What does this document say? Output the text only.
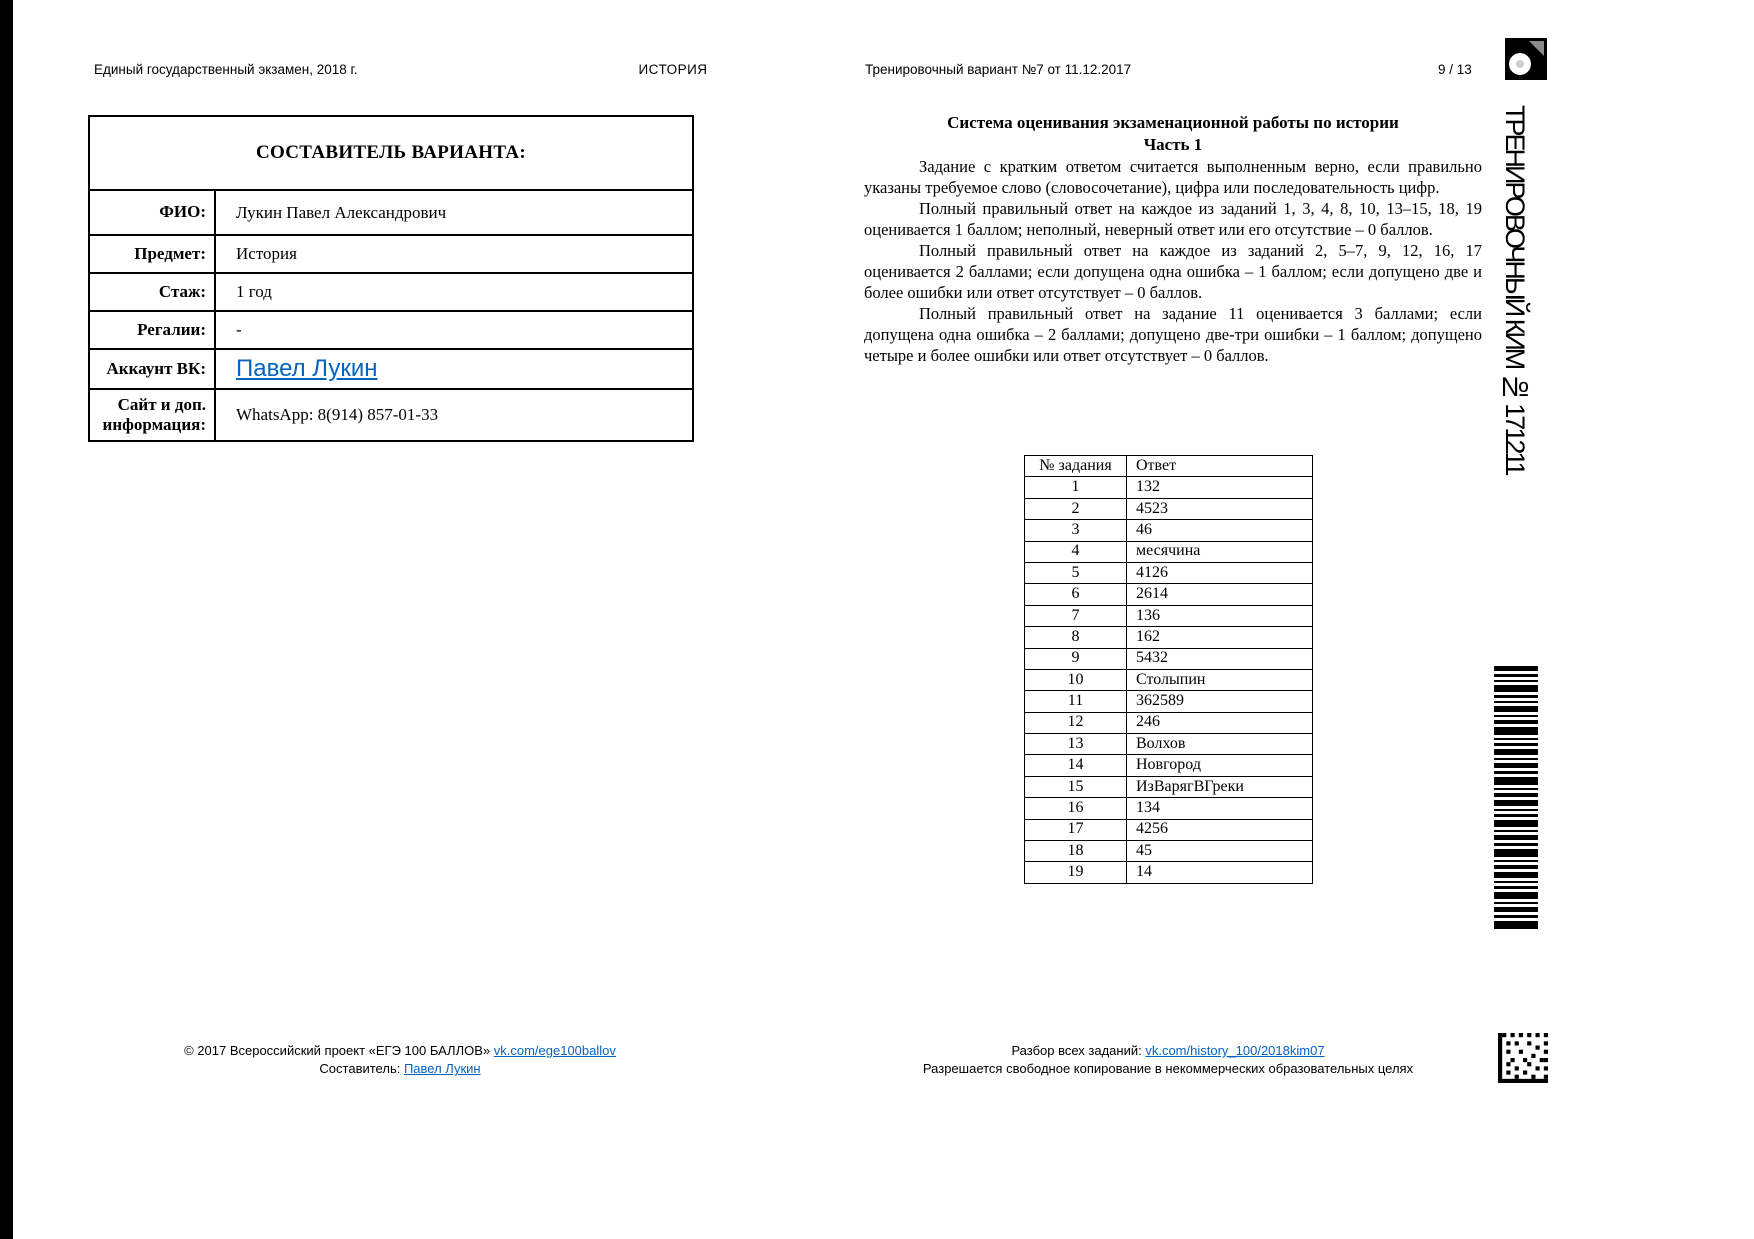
Единый государственный экзамен, 2018 г.	ИСТОРИЯ	Тренировочный вариант №7 от 11.12.2017	9 / 13
СОСТАВИТЕЛЬ ВАРИАНТА:	
ФИО:	Лукин Павел Александрович
Предмет:	История
Стаж:	1 год
Регалии:	-
Аккаунт ВК:	Павел Лукин
Сайт и доп. информация:	WhatsApp: 8(914) 857-01-33
Система оценивания экзаменационной работы по истории
Часть 1

Задание с кратким ответом считается выполненным верно, если правильно указаны требуемое слово (словосочетание), цифра или последовательность цифр.

Полный правильный ответ на каждое из заданий 1, 3, 4, 8, 10, 13–15, 18, 19 оценивается 1 баллом; неполный, неверный ответ или его отсутствие – 0 баллов.

Полный правильный ответ на каждое из заданий 2, 5–7, 9, 12, 16, 17 оценивается 2 баллами; если допущена одна ошибка – 1 баллом; если допущено две и более ошибки или ответ отсутствует – 0 баллов.

Полный правильный ответ на задание 11 оценивается 3 баллами; если допущена одна ошибка – 2 баллами; допущено две-три ошибки – 1 баллом; допущено четыре и более ошибки или ответ отсутствует – 0 баллов.

№ задания	Ответ
1	132
2	4523
3	46
4	месячина
5	4126
6	2614
7	136
8	162
9	5432
10	Столыпин
11	362589
12	246
13	Волхов
14	Новгород
15	ИзВарягВГреки
16	134
17	4256
18	45
19	14
ТРЕНИРОВОЧНЫЙ КИМ № 171211
© 2017 Всероссийский проект «ЕГЭ 100 БАЛЛОВ» vk.com/ege100ballov
Составитель: Павел Лукин
Разбор всех заданий: vk.com/history_100/2018kim07
Разрешается свободное копирование в некоммерческих образовательных целях
